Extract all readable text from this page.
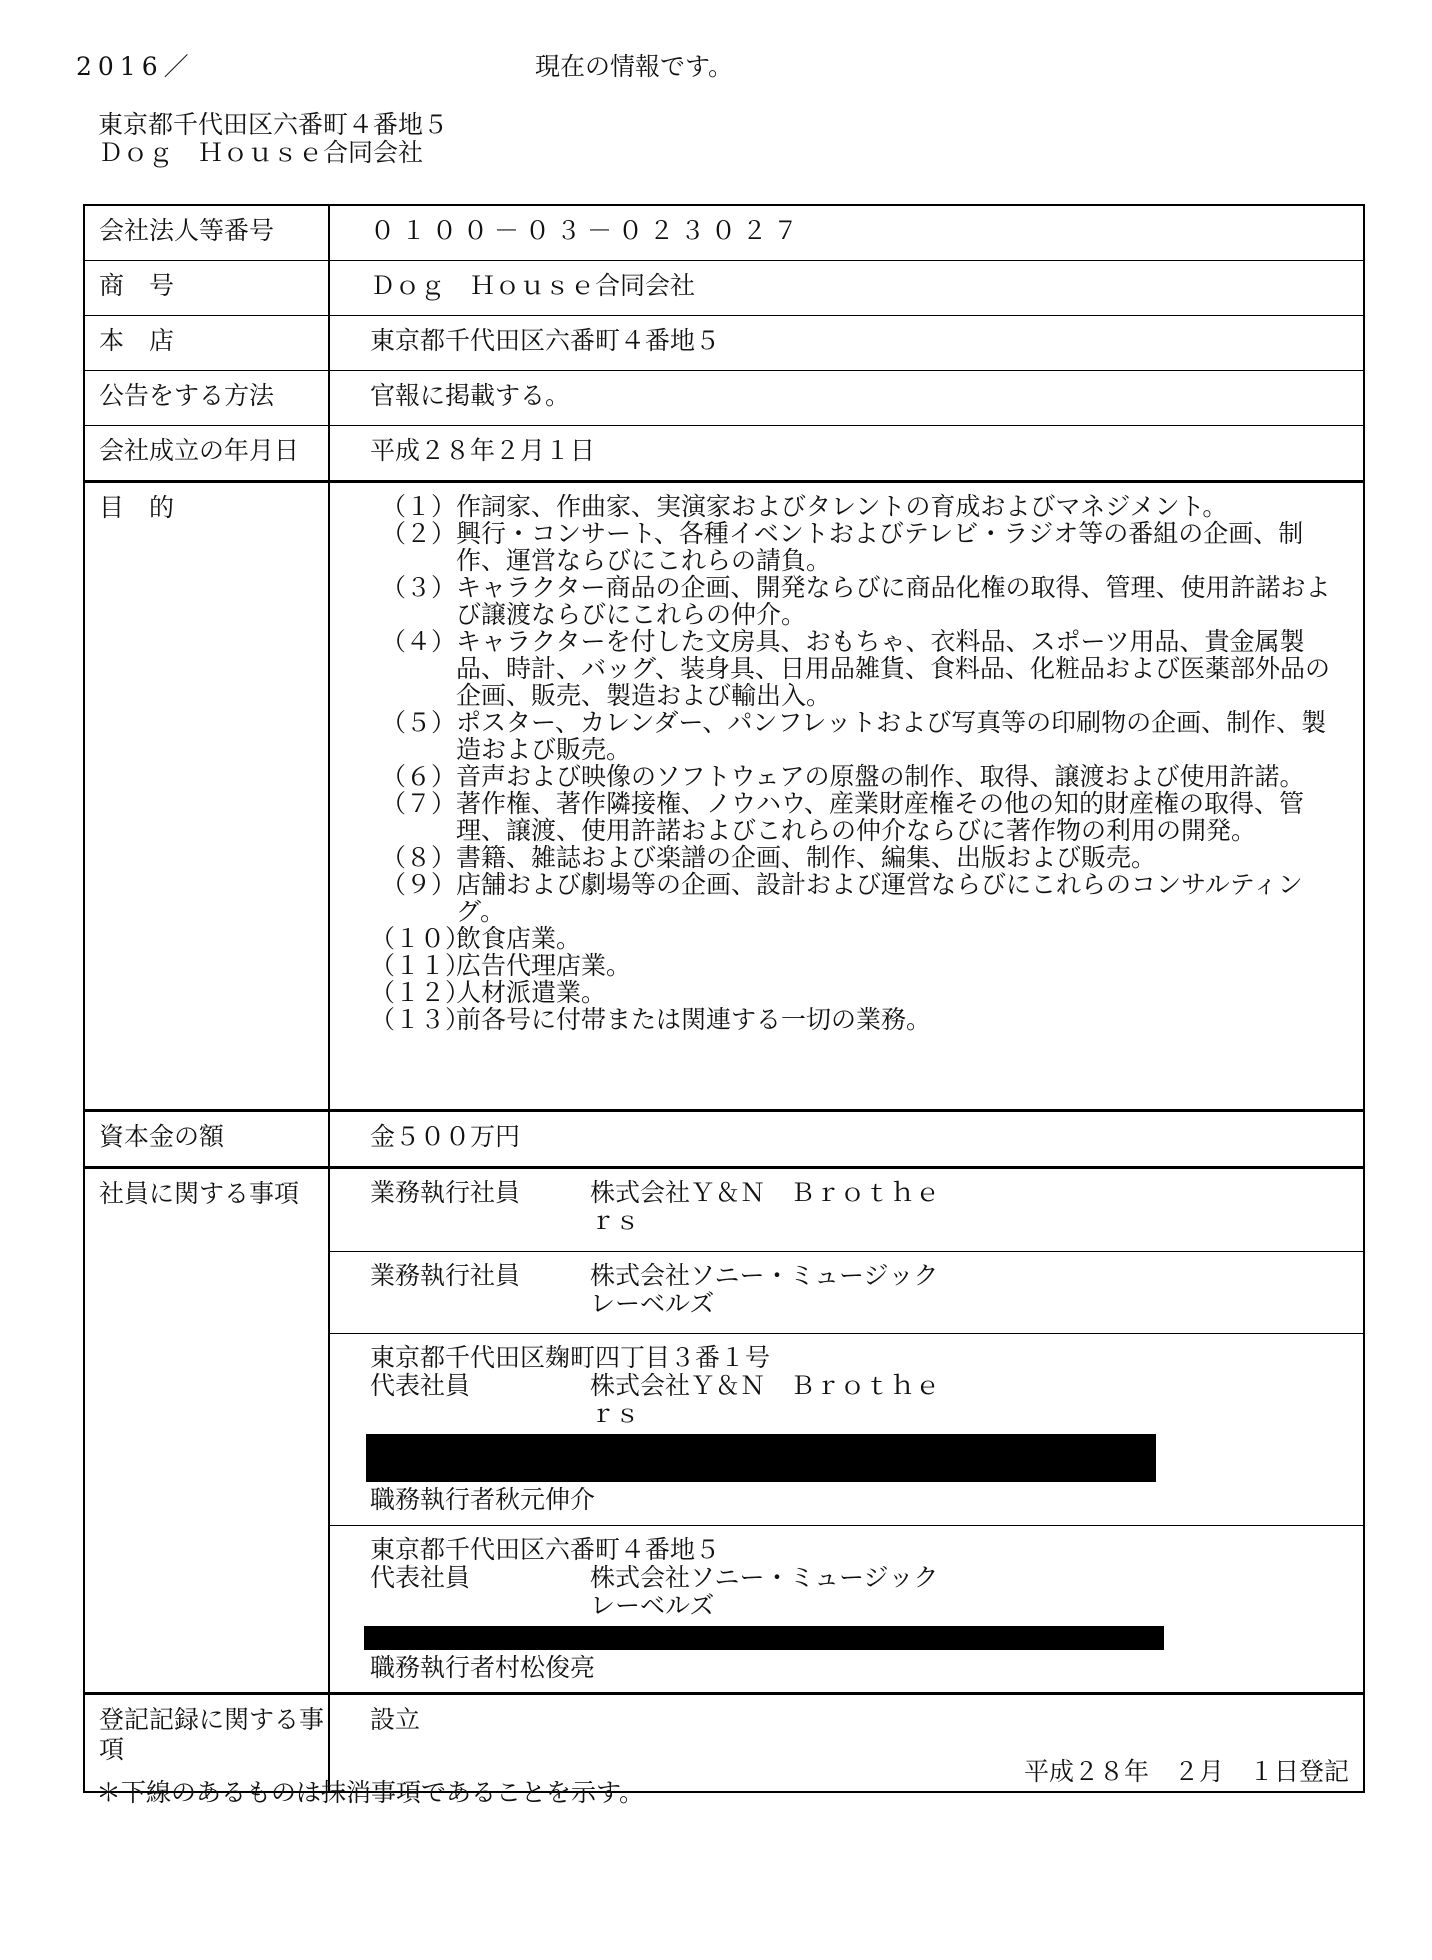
2016／	現在の情報です。
東京都千代田区六番町４番地５
Ｄｏｇ　Ｈｏｕｓｅ合同会社
会社法人等番号	０１００－０３－０２３０２７
商　号	Ｄｏｇ　Ｈｏｕｓｅ合同会社
本　店	東京都千代田区六番町４番地５
公告をする方法	官報に掲載する。
会社成立の年月日	平成２８年２月１日
目　的	（１） 作詞家、作曲家、実演家およびタレントの育成およびマネジメント。
（２） 興行・コンサート、各種イベントおよびテレビ・ラジオ等の番組の企画、制作、運営ならびにこれらの請負。
（３） キャラクター商品の企画、開発ならびに商品化権の取得、管理、使用許諾および譲渡ならびにこれらの仲介。
（４） キャラクターを付した文房具、おもちゃ、衣料品、スポーツ用品、貴金属製品、時計、バッグ、装身具、日用品雑貨、食料品、化粧品および医薬部外品の企画、販売、製造および輸出入。
（５） ポスター、カレンダー、パンフレットおよび写真等の印刷物の企画、制作、製造および販売。
（６） 音声および映像のソフトウェアの原盤の制作、取得、譲渡および使用許諾。
（７） 著作権、著作隣接権、ノウハウ、産業財産権その他の知的財産権の取得、管理、譲渡、使用許諾およびこれらの仲介ならびに著作物の利用の開発。
（８） 書籍、雑誌および楽譜の企画、制作、編集、出版および販売。
（９） 店舗および劇場等の企画、設計および運営ならびにこれらのコンサルティング。
（１０）
飲食店業。
（１１）
広告代理店業。
（１２）
人材派遣業。
（１３）
前各号に付帯または関連する一切の業務。
資本金の額	金５００万円
社員に関する事項	業務執行社員	株式会社Ｙ＆Ｎ　Ｂｒｏｔｈｅｒｓ
業務執行社員	株式会社ソニー・ミュージックレーベルズ
東京都千代田区麹町四丁目３番１号
代表社員	株式会社Ｙ＆Ｎ　Ｂｒｏｔｈｅｒｓ
職務執行者 秋元伸介
東京都千代田区六番町４番地５
代表社員	株式会社ソニー・ミュージックレーベルズ
職務執行者 村松俊亮
登記記録に関する事項
設立
平成２８年　２月　１日登記
＊下線のあるものは抹消事項であることを示す。
